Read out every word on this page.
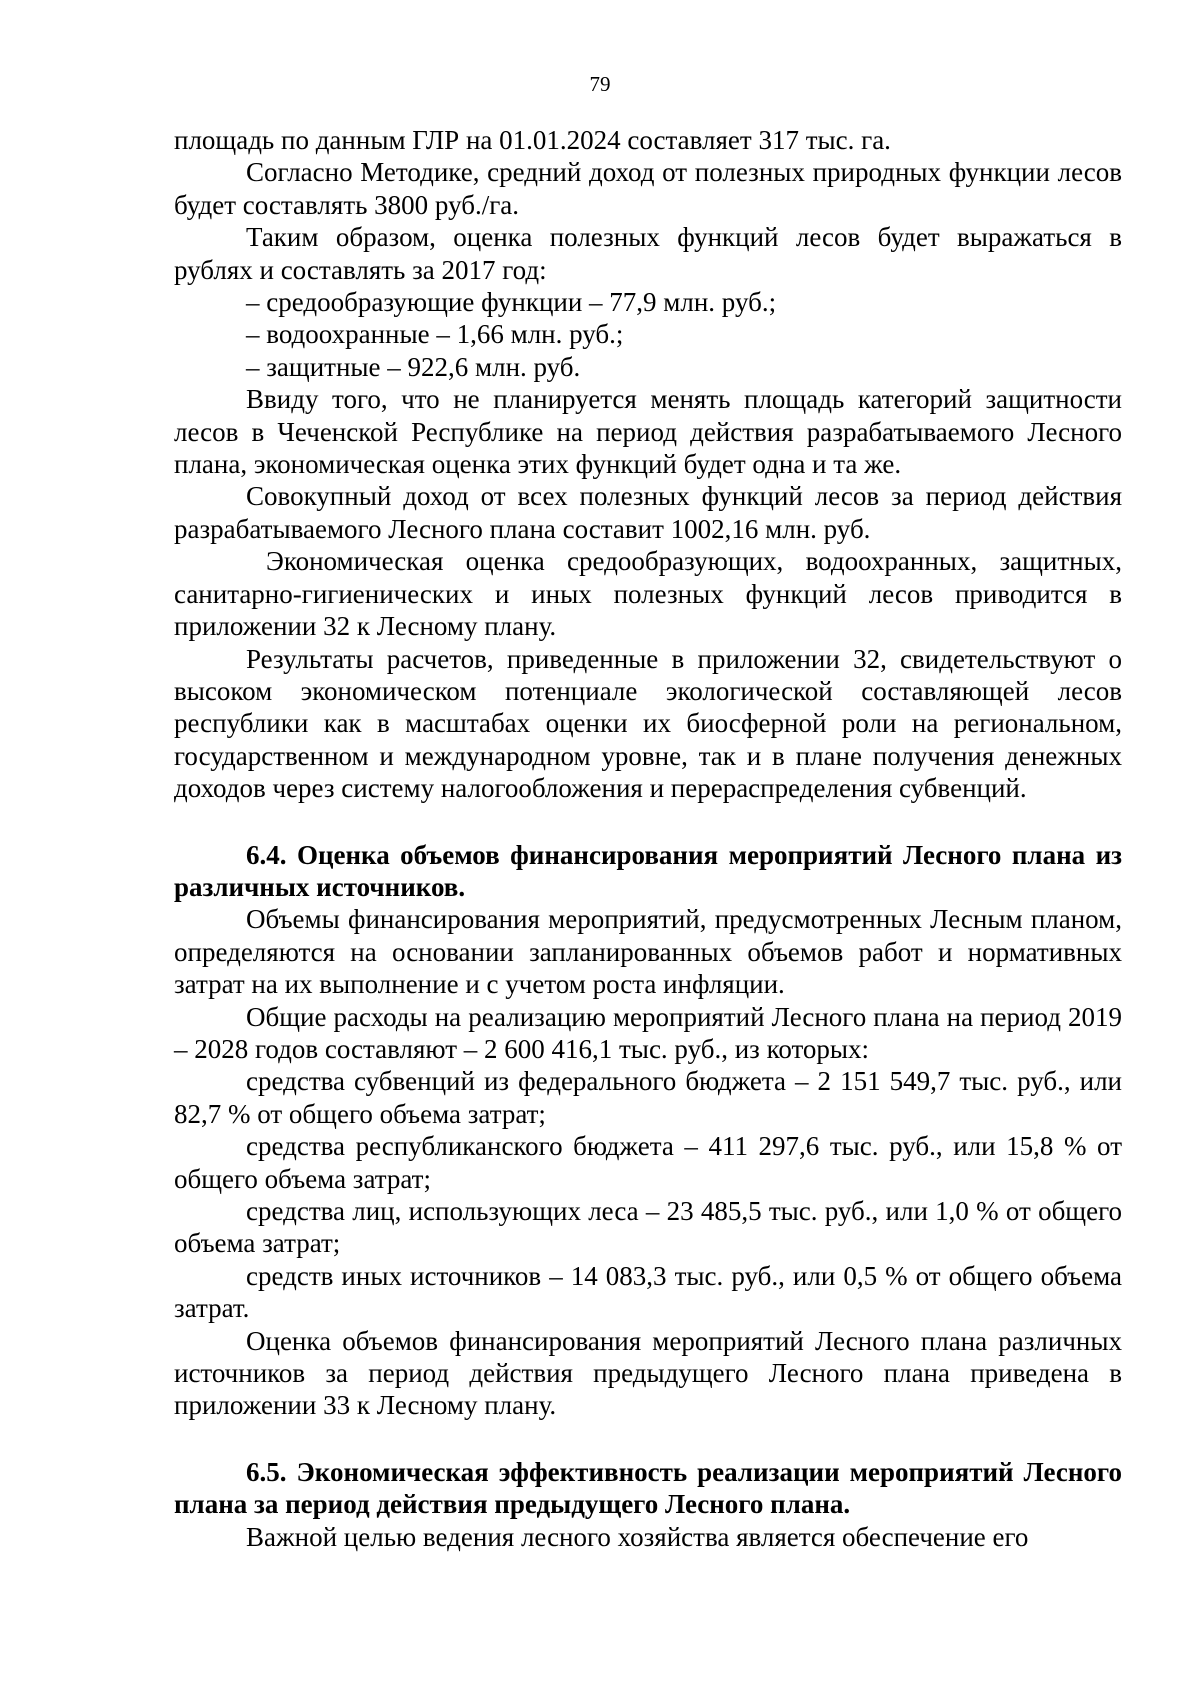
79

площадь по данным ГЛР на 01.01.2024 составляет 317 тыс. га.

Согласно Методике, средний доход от полезных природных функции лесов будет составлять 3800 руб./га.

Таким образом, оценка полезных функций лесов будет выражаться в рублях и составлять за 2017 год:

– средообразующие функции – 77,9 млн. руб.;

– водоохранные – 1,66 млн. руб.;

– защитные – 922,6 млн. руб.

Ввиду того, что не планируется менять площадь категорий защитности лесов в Чеченской Республике на период действия разрабатываемого Лесного плана, экономическая оценка этих функций будет одна и та же.

Совокупный доход от всех полезных функций лесов за период действия разрабатываемого Лесного плана составит 1002,16 млн. руб.

Экономическая оценка средообразующих, водоохранных, защитных, санитарно-гигиенических и иных полезных функций лесов приводится в приложении 32 к Лесному плану.

Результаты расчетов, приведенные в приложении 32, свидетельствуют о высоком экономическом потенциале экологической составляющей лесов республики как в масштабах оценки их биосферной роли на региональном, государственном и международном уровне, так и в плане получения денежных доходов через систему налогообложения и перераспределения субвенций.

6.4. Оценка объемов финансирования мероприятий Лесного плана из различных источников.

Объемы финансирования мероприятий, предусмотренных Лесным планом, определяются на основании запланированных объемов работ и нормативных затрат на их выполнение и с учетом роста инфляции.

Общие расходы на реализацию мероприятий Лесного плана на период 2019 – 2028 годов составляют – 2 600 416,1 тыс. руб., из которых:

средства субвенций из федерального бюджета – 2 151 549,7 тыс. руб., или 82,7 % от общего объема затрат;

средства республиканского бюджета – 411 297,6 тыс. руб., или 15,8 % от общего объема затрат;

средства лиц, использующих леса – 23 485,5 тыс. руб., или 1,0 % от общего объема затрат;

средств иных источников – 14 083,3 тыс. руб., или 0,5 % от общего объема затрат.

Оценка объемов финансирования мероприятий Лесного плана различных источников за период действия предыдущего Лесного плана приведена в приложении 33 к Лесному плану.

6.5. Экономическая эффективность реализации мероприятий Лесного плана за период действия предыдущего Лесного плана.

Важной целью ведения лесного хозяйства является обеспечение его
